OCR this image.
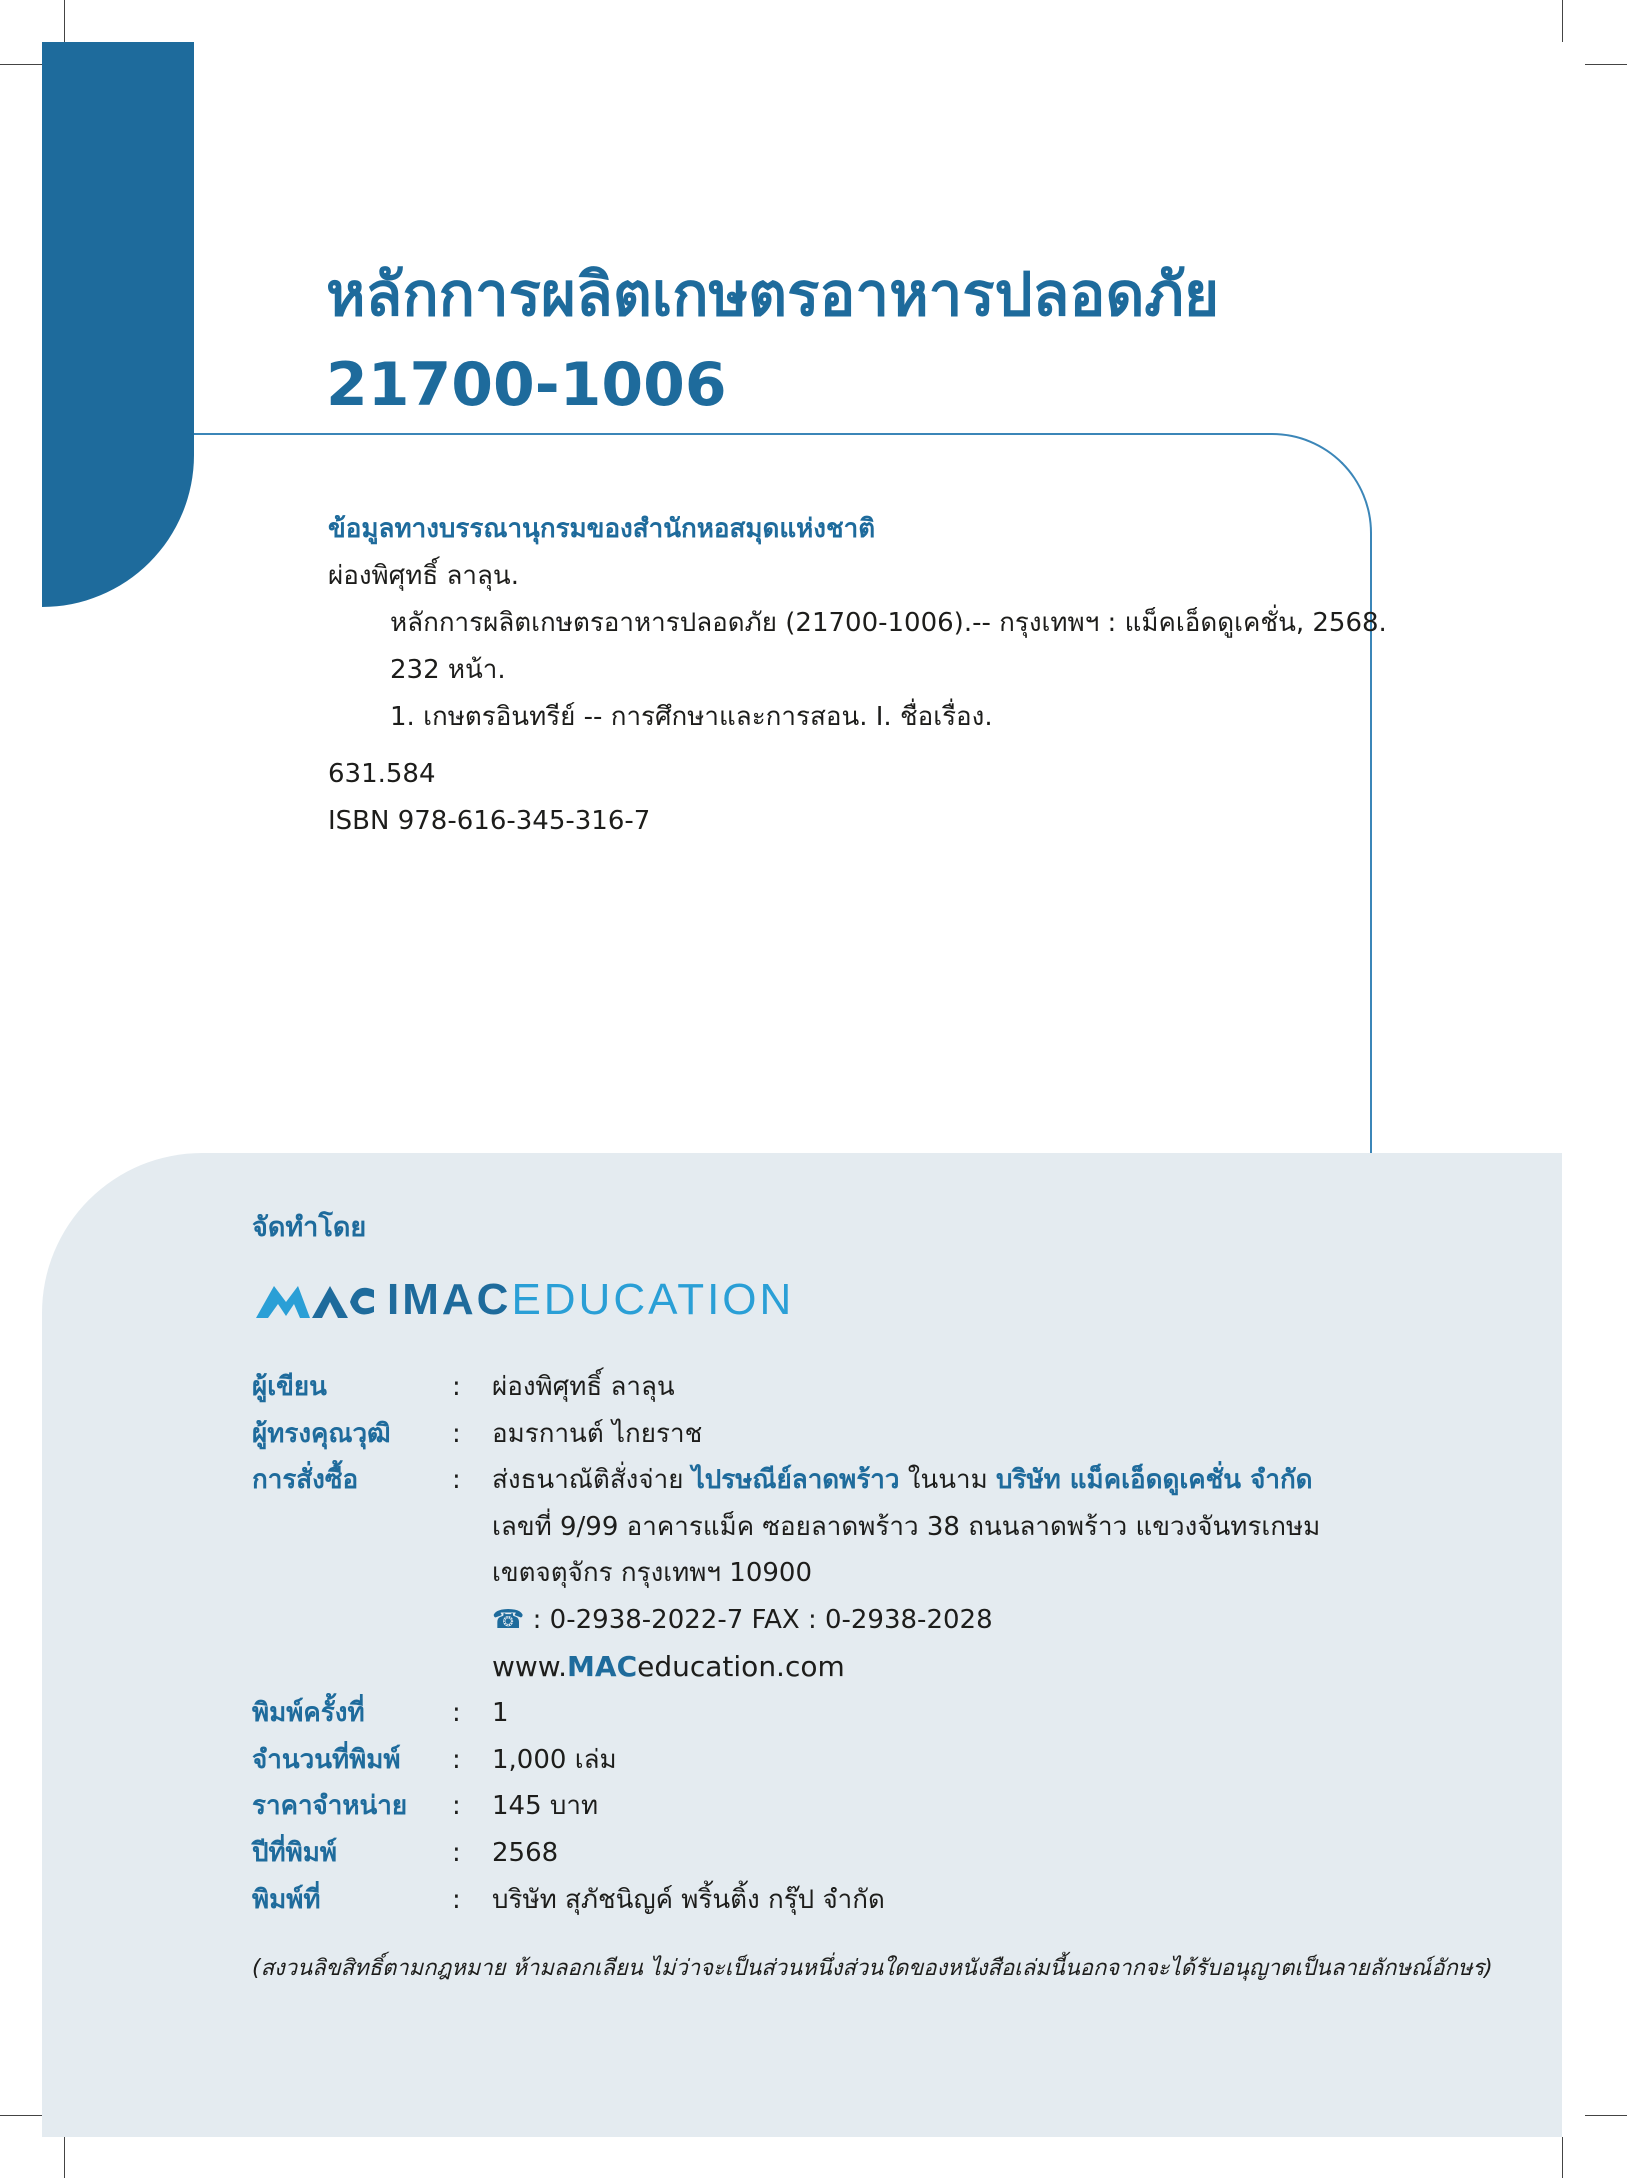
หลักการผลิตเกษตรอาหารปลอดภัย
21700-1006
ข้อมูลทางบรรณานุกรมของสำนักหอสมุดแห่งชาติ
ผ่องพิศุทธิ์ ลาลุน.
หลักการผลิตเกษตรอาหารปลอดภัย (21700-1006).-- กรุงเทพฯ : แม็คเอ็ดดูเคชั่น, 2568.
232 หน้า.
1. เกษตรอินทรีย์ -- การศึกษาและการสอน. I. ชื่อเรื่อง.
631.584
ISBN 978-616-345-316-7
จัดทำโดย
IMACEDUCATION
ผู้เขียน	:	ผ่องพิศุทธิ์ ลาลุน
ผู้ทรงคุณวุฒิ	:	อมรกานต์ ไกยราช
การสั่งซื้อ	:	ส่งธนาณัติสั่งจ่าย ไปรษณีย์ลาดพร้าว ในนาม บริษัท แม็คเอ็ดดูเคชั่น จำกัด
เลขที่ 9/99 อาคารแม็ค ซอยลาดพร้าว 38 ถนนลาดพร้าว แขวงจันทรเกษม
เขตจตุจักร กรุงเทพฯ 10900
☎ : 0-2938-2022-7 FAX : 0-2938-2028
www.MACeducation.com
พิมพ์ครั้งที่	:	1
จำนวนที่พิมพ์	:	1,000 เล่ม
ราคาจำหน่าย	:	145 บาท
ปีที่พิมพ์	:	2568
พิมพ์ที่	:	บริษัท สุภัชนิญค์ พริ้นติ้ง กรุ๊ป จำกัด
(สงวนลิขสิทธิ์ตามกฎหมาย ห้ามลอกเลียน ไม่ว่าจะเป็นส่วนหนึ่งส่วนใดของหนังสือเล่มนี้นอกจากจะได้รับอนุญาตเป็นลายลักษณ์อักษร)
